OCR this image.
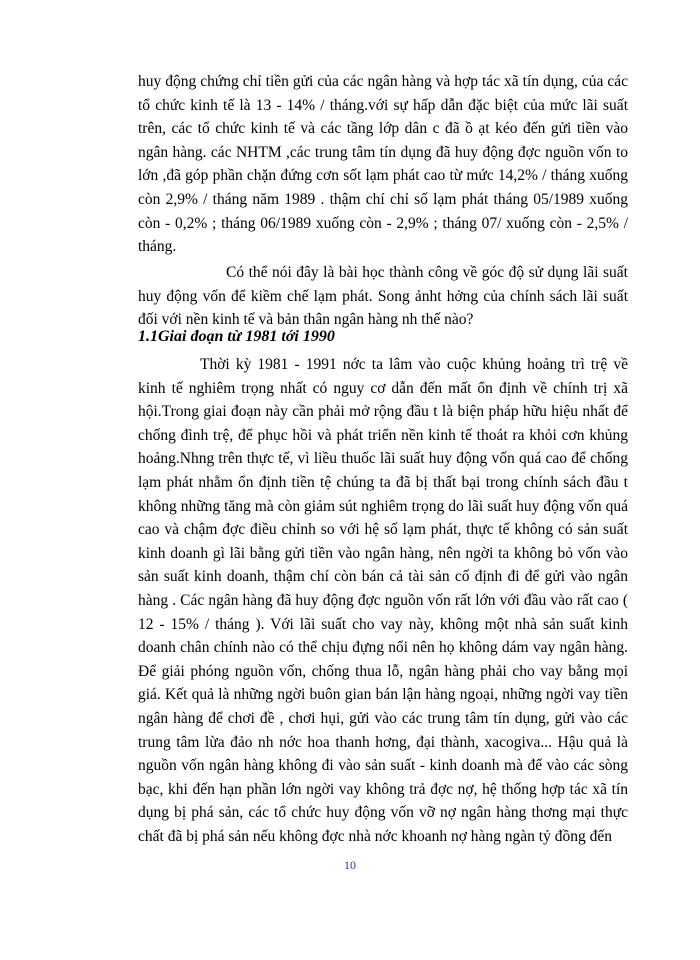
huy động chứng chỉ tiền gửi của các ngân hàng và hợp tác xã tín dụng, của các tổ chức kinh tế là 13 - 14% / tháng.với sự hấp dẫn đặc biệt của mức lãi suất trên, các tổ chức kinh tế và các tầng lớp dân c đã ồ ạt kéo đến gửi tiền vào ngân hàng. các NHTM ,các trung tâm tín dụng đã huy động đợc nguồn vốn to lớn ,đã góp phần chặn đứng cơn sốt lạm phát cao từ mức 14,2% / tháng xuống còn 2,9% / tháng năm 1989 . thậm chí chỉ số lạm phát tháng 05/1989 xuống còn - 0,2% ; tháng 06/1989 xuống còn - 2,9% ; tháng 07/ xuống còn - 2,5% / tháng.

Có thể nói đây là bài học thành công về góc độ sử dụng lãi suất huy động vốn để kiềm chế lạm phát. Song ảnht hởng của chính sách lãi suất đối với nền kinh tế và bản thân ngân hàng nh thế nào?

1.1Giai đoạn từ 1981 tới 1990

Thời kỳ 1981 - 1991 nớc ta lâm vào cuộc khủng hoảng trì trệ về kinh tế nghiêm trọng nhất có nguy cơ dẫn đến mất ổn định về chính trị xã hội.Trong giai đoạn này cần phải mở rộng đầu t là biện pháp hữu hiệu nhất để chống đình trệ, để phục hồi và phát triển nền kinh tế thoát ra khỏi cơn khủng hoảng.Nhng trên thực tế, vì liều thuốc lãi suất huy động vốn quá cao để chống lạm phát nhằm ổn định tiền tệ chúng ta đã bị thất bại trong chính sách đầu t không những tăng mà còn giảm sút nghiêm trọng do lãi suất huy động vốn quá cao và chậm đợc điều chỉnh so với hệ số lạm phát, thực tế không có sản suất kinh doanh gì lãi bằng gửi tiền vào ngân hàng, nên ngời ta không bỏ vốn vào sản suất kinh doanh, thậm chí còn bán cả tài sản cố định đi để gửi vào ngân hàng . Các ngân hàng đã huy động đợc nguồn vốn rất lớn với đầu vào rất cao ( 12 - 15% / tháng ). Với lãi suất cho vay này, không một nhà sản suất kinh doanh chân chính nào có thể chịu đựng nổi nên họ không dám vay ngân hàng. Để giải phóng nguồn vốn, chống thua lỗ, ngân hàng phải cho vay bằng mọi giá. Kết quả là những ngời buôn gian bán lận hàng ngoại, những ngời vay tiền ngân hàng để chơi đề , chơi hụi, gửi vào các trung tâm tín dụng, gửi vào các trung tâm lừa đảo nh nớc hoa thanh hơng, đại thành, xacogiva... Hậu quả là nguồn vốn ngân hàng không đi vào sản suất - kinh doanh mà để vào các sòng bạc, khi đến hạn phần lớn ngời vay không trả đợc nợ, hệ thống hợp tác xã tín dụng bị phá sản, các tổ chức huy động vốn vỡ nợ ngân hàng thơng mại thực chất đã bị phá sản nếu không đợc nhà nớc khoanh nợ hàng ngàn tỷ đồng đến

10
